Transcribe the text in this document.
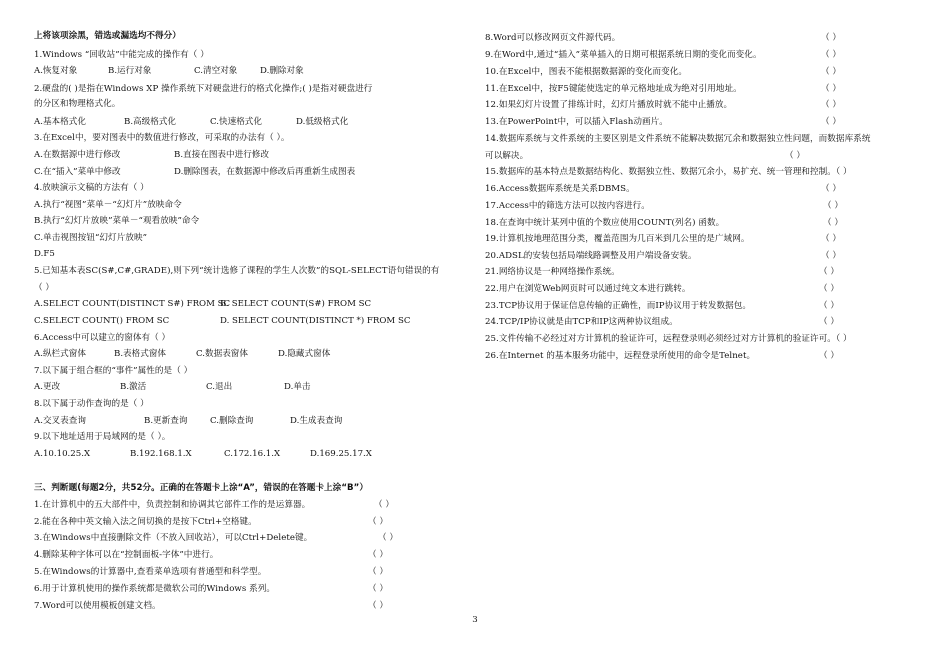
上将该项涂黑，错选或漏选均不得分）
1.Windows “回收站”中能完成的操作有（ ）
A.恢复对象	B.运行对象	C.清空对象	D.删除对象
2.硬盘的( )是指在Windows XP 操作系统下对硬盘进行的格式化操作;( )是指对硬盘进行
的分区和物理格式化。
A.基本格式化	B.高级格式化	C.快速格式化	D.低级格式化
3.在Excel中，要对图表中的数值进行修改，可采取的办法有（ ）。
A.在数据源中进行修改	B.直接在图表中进行修改
C.在“插入”菜单中修改	D.删除图表，在数据源中修改后再重新生成图表
4.放映演示文稿的方法有（ ）
A.执行“视图”菜单－“幻灯片”放映命令
B.执行“幻灯片放映”菜单－“观看放映”命令
C.单击视图按钮“幻灯片放映”
D.F5
5.已知基本表SC(S#,C#,GRADE),则下列“统计选修了课程的学生人次数”的SQL-SELECT语句错误的有
（ ）
A.SELECT COUNT(DISTINCT S#) FROM SC
B. SELECT COUNT(S#) FROM SC
C.SELECT COUNT() FROM SC	D. SELECT COUNT(DISTINCT *) FROM SC
6.Access中可以建立的窗体有（ ）
A.纵栏式窗体	B.表格式窗体	C.数据表窗体	D.隐藏式窗体
7.以下属于组合框的“事件”属性的是（ ）
A.更改	B.激活	C.退出	D.单击
8.以下属于动作查询的是（ ）
A.交叉表查询	B.更新查询	C.删除查询	D.生成表查询
9.以下地址适用于局域网的是（ ）。
A.10.10.25.X	B.192.168.1.X	C.172.16.1.X	D.169.25.17.X
三、判断题(每题2分，共52分。正确的在答题卡上涂“A”，错误的在答题卡上涂“B”）
1.在计算机中的五大部件中，负责控制和协调其它部件工作的是运算器。	（ ）
2.能在各种中英文输入法之间切换的是按下Ctrl+空格键。	（ ）
3.在Windows中直接删除文件（不放入回收站），可以Ctrl+Delete键。	（ ）
4.删除某种字体可以在“控制面板-字体”中进行。	（ ）
5.在Windows的计算器中,查看菜单选项有普通型和科学型。	（ ）
6.用于计算机使用的操作系统都是微软公司的Windows 系列。	（ ）
7.Word可以使用模板创建文档。	（ ）
8.Word可以修改网页文件源代码。	（ ）
9.在Word中,通过“插入”菜单插入的日期可根据系统日期的变化而变化。	（ ）
10.在Excel中，图表不能根据数据源的变化而变化。	（ ）
11.在Excel中，按F5键能使选定的单元格地址成为绝对引用地址。	（ ）
12.如果幻灯片设置了排练计时，幻灯片播放时就不能中止播放。	（ ）
13.在PowerPoint中，可以插入Flash动画片。	（ ）
14.数据库系统与文件系统的主要区别是文件系统不能解决数据冗余和数据独立性问题，而数据库系统
可以解决。	（ ）
15.数据库的基本特点是数据结构化、数据独立性、数据冗余小，易扩充、统一管理和控制。（ ）
16.Access数据库系统是关系DBMS。	（ ）
17.Access中的筛选方法可以按内容进行。	（ ）
18.在查询中统计某列中值的个数应使用COUNT(列名) 函数。	（ ）
19.计算机按地理范围分类，覆盖范围为几百米到几公里的是广域网。	（ ）
20.ADSL的安装包括局端线路调整及用户端设备安装。	（ ）
21.网络协议是一种网络操作系统。	（ ）
22.用户在浏览Web网页时可以通过纯文本进行跳转。	（ ）
23.TCP协议用于保证信息传输的正确性，而IP协议用于转发数据包。	（ ）
24.TCP/IP协议就是由TCP和IP这两种协议组成。	（ ）
25.文件传输不必经过对方计算机的验证许可，远程登录则必须经过对方计算机的验证许可。（ ）
26.在Internet 的基本服务功能中，远程登录所使用的命令是Telnet。	（ ）
3
